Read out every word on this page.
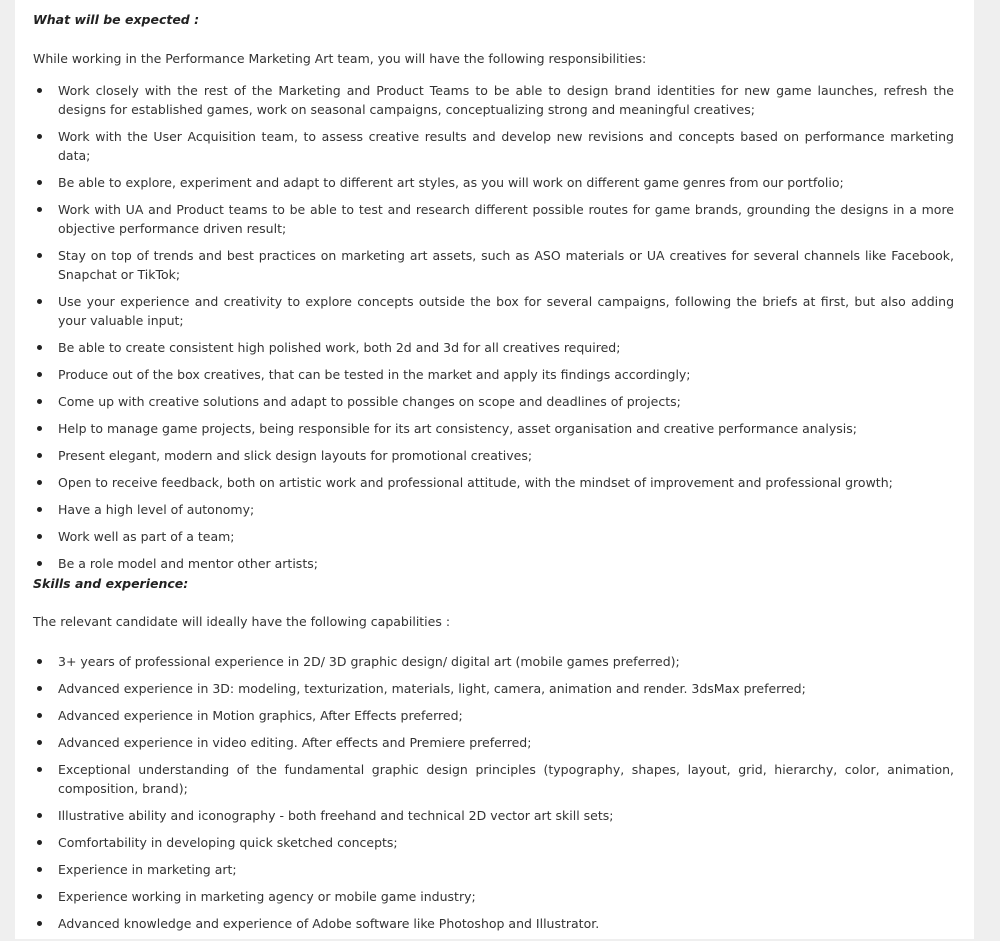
What will be expected :
While working in the Performance Marketing Art team, you will have the following responsibilities:
Work closely with the rest of the Marketing and Product Teams to be able to design brand identities for new game launches, refresh the designs for established games, work on seasonal campaigns, conceptualizing strong and meaningful creatives;
Work with the User Acquisition team, to assess creative results and develop new revisions and concepts based on performance marketing data;
Be able to explore, experiment and adapt to different art styles, as you will work on different game genres from our portfolio;
Work with UA and Product teams to be able to test and research different possible routes for game brands, grounding the designs in a more objective performance driven result;
Stay on top of trends and best practices on marketing art assets, such as ASO materials or UA creatives for several channels like Facebook, Snapchat or TikTok;
Use your experience and creativity to explore concepts outside the box for several campaigns, following the briefs at first, but also adding your valuable input;
Be able to create consistent high polished work, both 2d and 3d for all creatives required;
Produce out of the box creatives, that can be tested in the market and apply its findings accordingly;
Come up with creative solutions and adapt to possible changes on scope and deadlines of projects;
Help to manage game projects, being responsible for its art consistency, asset organisation and creative performance analysis;
Present elegant, modern and slick design layouts for promotional creatives;
Open to receive feedback, both on artistic work and professional attitude, with the mindset of improvement and professional growth;
Have a high level of autonomy;
Work well as part of a team;
Be a role model and mentor other artists;
Skills and experience:
The relevant candidate will ideally have the following capabilities :
3+ years of professional experience in 2D/ 3D graphic design/ digital art (mobile games preferred);
Advanced experience in 3D: modeling, texturization, materials, light, camera, animation and render. 3dsMax preferred;
Advanced experience in Motion graphics, After Effects preferred;
Advanced experience in video editing. After effects and Premiere preferred;
Exceptional understanding of the fundamental graphic design principles (typography, shapes, layout, grid, hierarchy, color, animation, composition, brand);
Illustrative ability and iconography - both freehand and technical 2D vector art skill sets;
Comfortability in developing quick sketched concepts;
Experience in marketing art;
Experience working in marketing agency or mobile game industry;
Advanced knowledge and experience of Adobe software like Photoshop and Illustrator.
